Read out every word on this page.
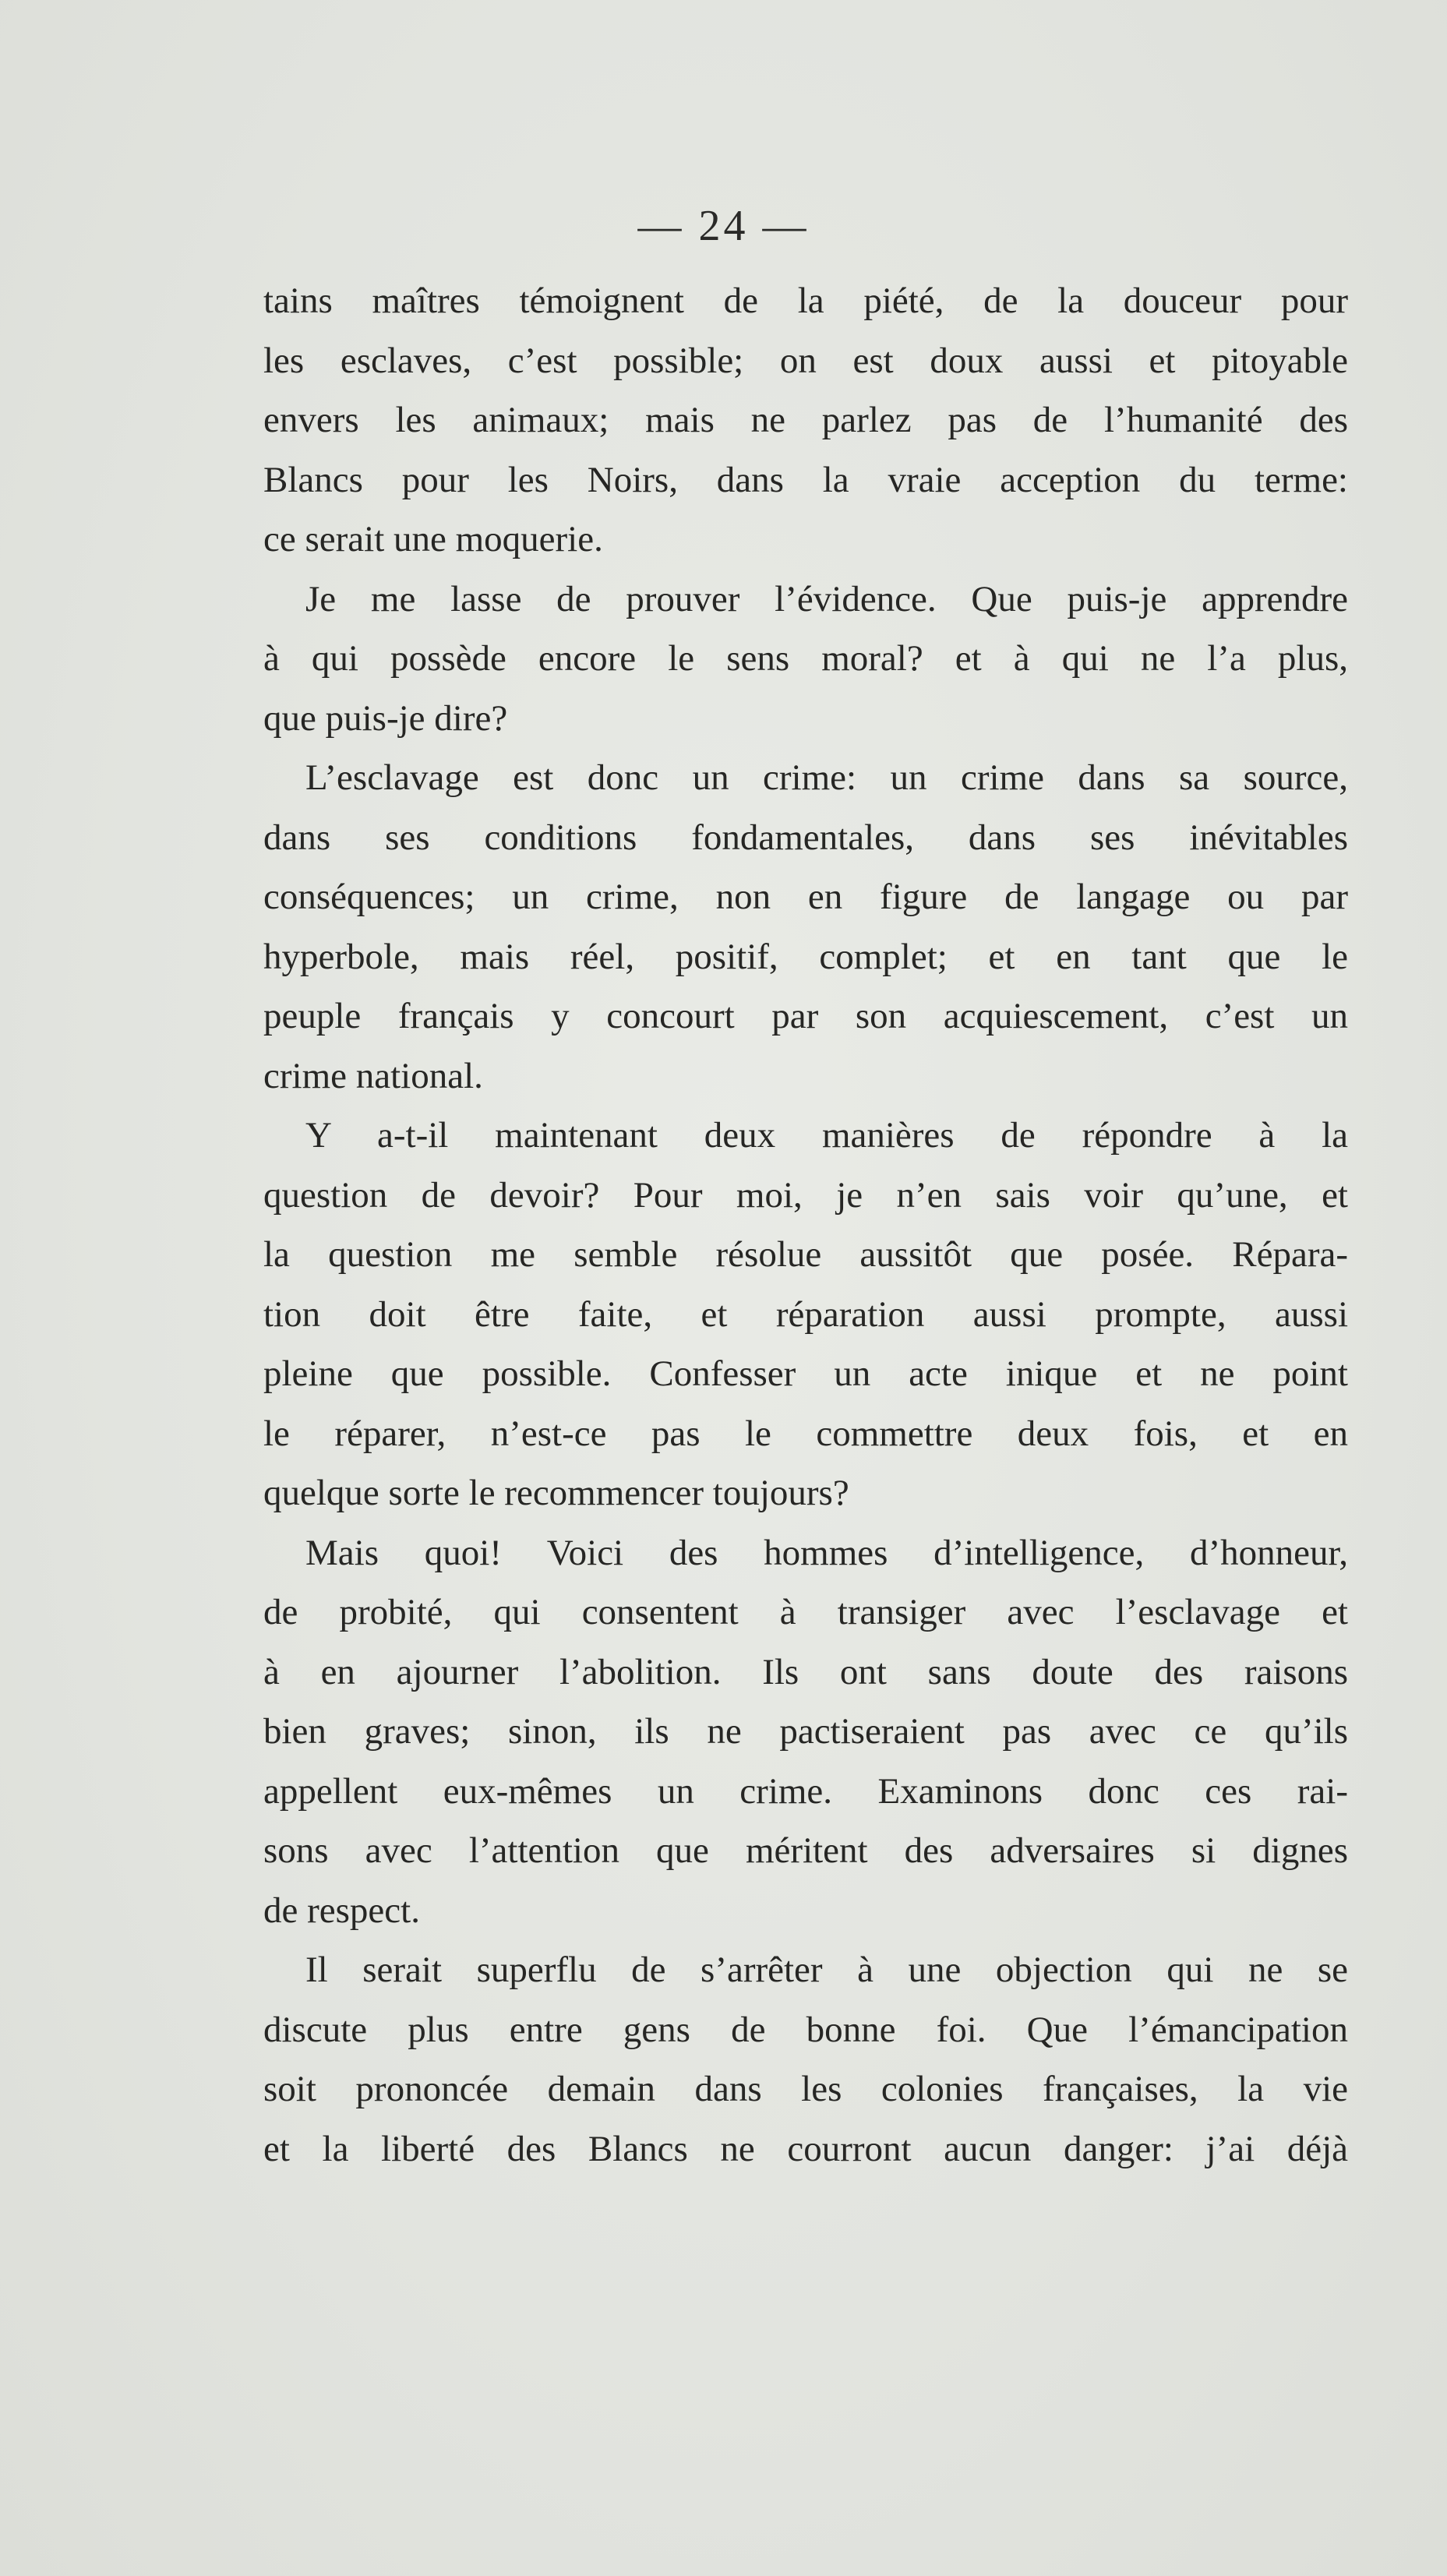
— 24 —
tains maîtres témoignent de la piété, de la douceur pour
les esclaves, c’est possible; on est doux aussi et pitoyable
envers les animaux; mais ne parlez pas de l’humanité des
Blancs pour les Noirs, dans la vraie acception du terme:
ce serait une moquerie.
Je me lasse de prouver l’évidence. Que puis-je apprendre
à qui possède encore le sens moral? et à qui ne l’a plus,
que puis-je dire?
L’esclavage est donc un crime: un crime dans sa source,
dans ses conditions fondamentales, dans ses inévitables
conséquences; un crime, non en figure de langage ou par
hyperbole, mais réel, positif, complet; et en tant que le
peuple français y concourt par son acquiescement, c’est un
crime national.
Y a-t-il maintenant deux manières de répondre à la
question de devoir? Pour moi, je n’en sais voir qu’une, et
la question me semble résolue aussitôt que posée. Répara-
tion doit être faite, et réparation aussi prompte, aussi
pleine que possible. Confesser un acte inique et ne point
le réparer, n’est-ce pas le commettre deux fois, et en
quelque sorte le recommencer toujours?
Mais quoi! Voici des hommes d’intelligence, d’honneur,
de probité, qui consentent à transiger avec l’esclavage et
à en ajourner l’abolition. Ils ont sans doute des raisons
bien graves; sinon, ils ne pactiseraient pas avec ce qu’ils
appellent eux-mêmes un crime. Examinons donc ces rai-
sons avec l’attention que méritent des adversaires si dignes
de respect.
Il serait superflu de s’arrêter à une objection qui ne se
discute plus entre gens de bonne foi. Que l’émancipation
soit prononcée demain dans les colonies françaises, la vie
et la liberté des Blancs ne courront aucun danger: j’ai déjà
